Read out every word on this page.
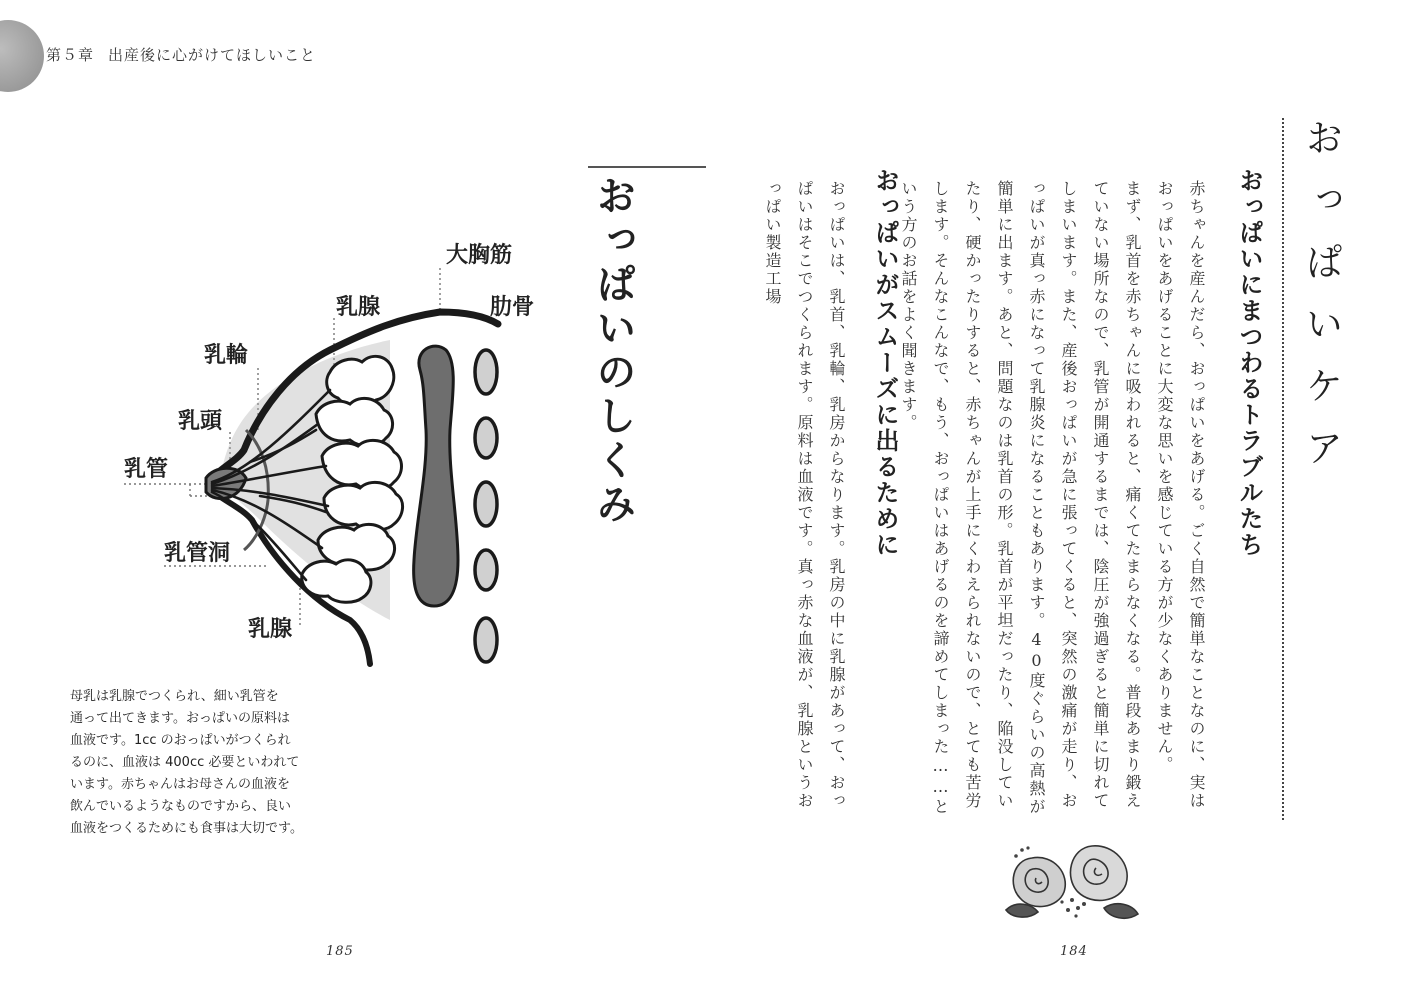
第５章 出産後に心がけてほしいこと
おっぱいケア
おっぱいにまつわるトラブルたち

赤ちゃんを産んだら、おっぱいをあげる。ごく自然で簡単なことなのに、実はおっぱいをあげることに大変な思いを感じている方が少なくありません。

まず、乳首を赤ちゃんに吸われると、痛くてたまらなくなる。普段あまり鍛えていない場所なので、乳管が開通するまでは、陰圧が強過ぎると簡単に切れてしまいます。また、産後おっぱいが急に張ってくると、突然の激痛が走り、おっぱいが真っ赤になって乳腺炎になることもあります。40度ぐらいの高熱が簡単に出ます。あと、問題なのは乳首の形。乳首が平坦だったり、陥没していたり、硬かったりすると、赤ちゃんが上手にくわえられないので、とても苦労します。そんなこんなで、もう、おっぱいはあげるのを諦めてしまった……という方のお話をよく聞きます。

おっぱいがスムーズに出るために

おっぱいは、乳首、乳輪、乳房からなります。乳房の中に乳腺があって、おっぱいはそこでつくられます。原料は血液です。真っ赤な血液が、乳腺というおっぱい製造工場

おっぱいのしくみ
大胸筋
肋骨
乳腺
乳輪
乳頭
乳管
乳管洞
乳腺

母乳は乳腺でつくられ、細い乳管を

通って出てきます。おっぱいの原料は

血液です。1cc のおっぱいがつくられ

るのに、血液は 400cc 必要といわれて

います。赤ちゃんはお母さんの血液を

飲んでいるようなものですから、良い

血液をつくるためにも食事は大切です。

185	184
